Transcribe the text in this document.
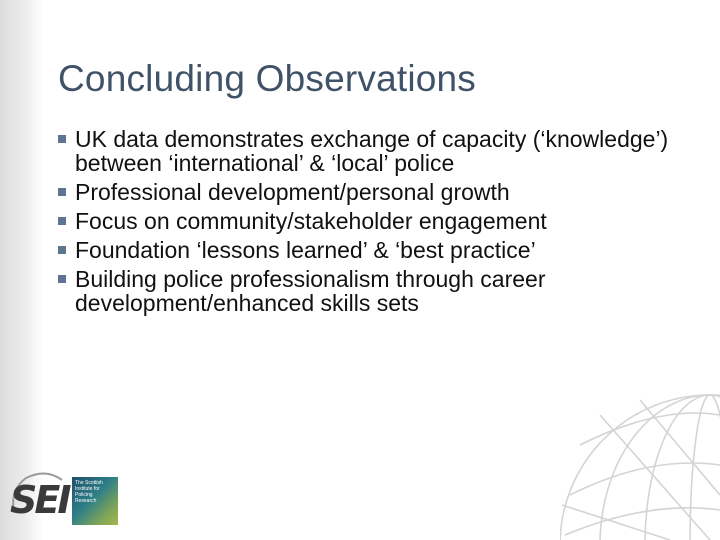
Concluding Observations
UK data demonstrates exchange of capacity (‘knowledge’) between ‘international’ & ‘local’ police
Professional development/personal growth
Focus on community/stakeholder engagement
Foundation ‘lessons learned’ & ‘best practice’
Building police professionalism through career development/enhanced skills sets
SEI The Scottish Institute for Policing Research
